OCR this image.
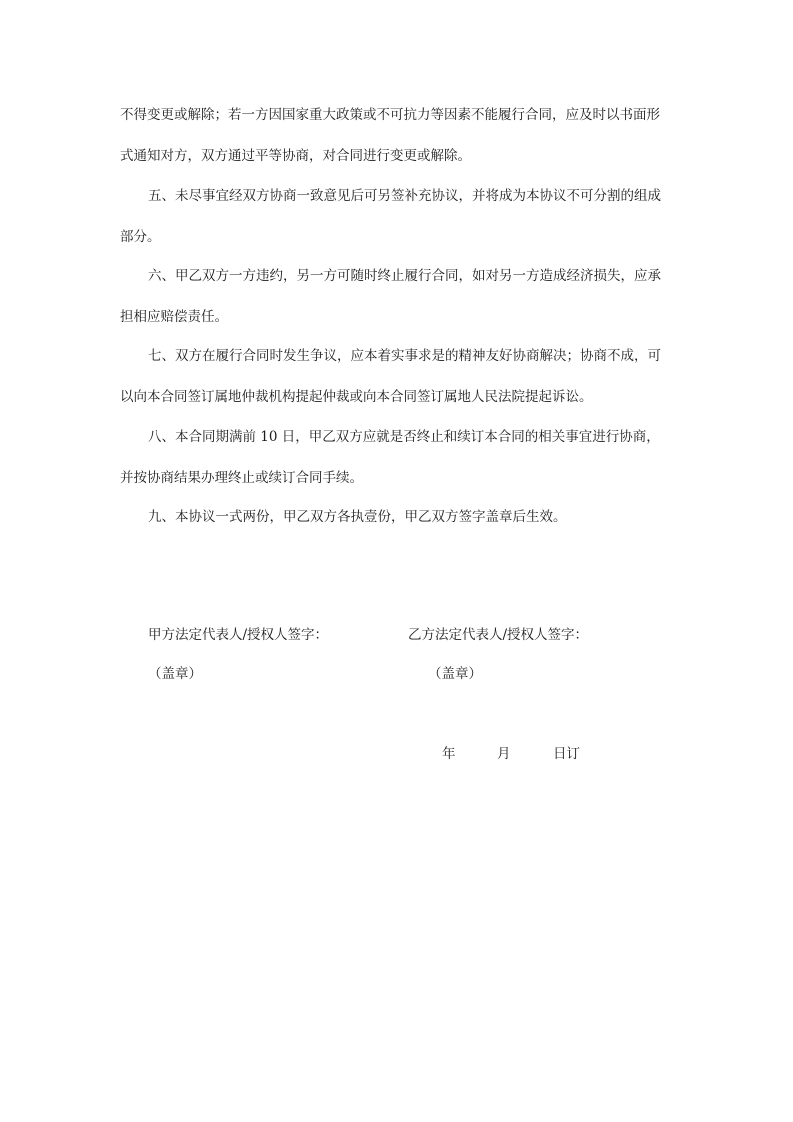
不得变更或解除；若一方因国家重大政策或不可抗力等因素不能履行合同，应及时以书面形
式通知对方，双方通过平等协商，对合同进行变更或解除。
五、未尽事宜经双方协商一致意见后可另签补充协议，并将成为本协议不可分割的组成
部分。
六、甲乙双方一方违约，另一方可随时终止履行合同，如对另一方造成经济损失，应承
担相应赔偿责任。
七、双方在履行合同时发生争议，应本着实事求是的精神友好协商解决；协商不成，可
以向本合同签订属地仲裁机构提起仲裁或向本合同签订属地人民法院提起诉讼。
八、本合同期满前 10 日，甲乙双方应就是否终止和续订本合同的相关事宜进行协商，
并按协商结果办理终止或续订合同手续。
九、本协议一式两份，甲乙双方各执壹份，甲乙双方签字盖章后生效。
甲方法定代表人/授权人签字：	乙方法定代表人/授权人签字：
（盖章）	（盖章）
年	月	日订
